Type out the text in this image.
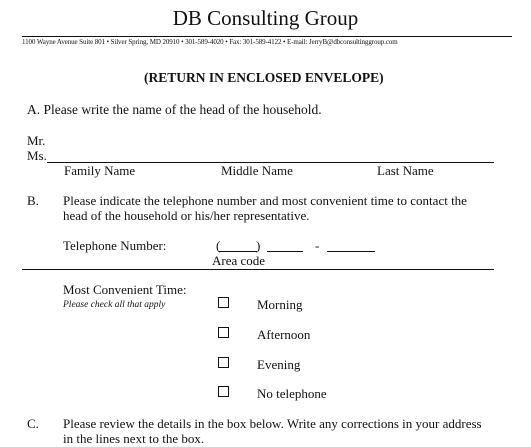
DB Consulting Group
1100 Wayne Avenue Suite 801 • Silver Spring, MD 20910 • 301-589-4020 • Fax: 301-589-4122 • E-mail: JerryB@dbconsultinggroup.com
(RETURN IN ENCLOSED ENVELOPE)
A. Please write the name of the head of the household.
Mr.
Ms.
Family Name	Middle Name	Last Name
B. Please indicate the telephone number and most convenient time to contact the
head of the household or his/her representative.
Telephone Number:	(	)	-
Area code
Most Convenient Time:
Please check all that apply	Morning
Afternoon
Evening
No telephone
C. Please review the details in the box below. Write any corrections in your address
in the lines next to the box.
